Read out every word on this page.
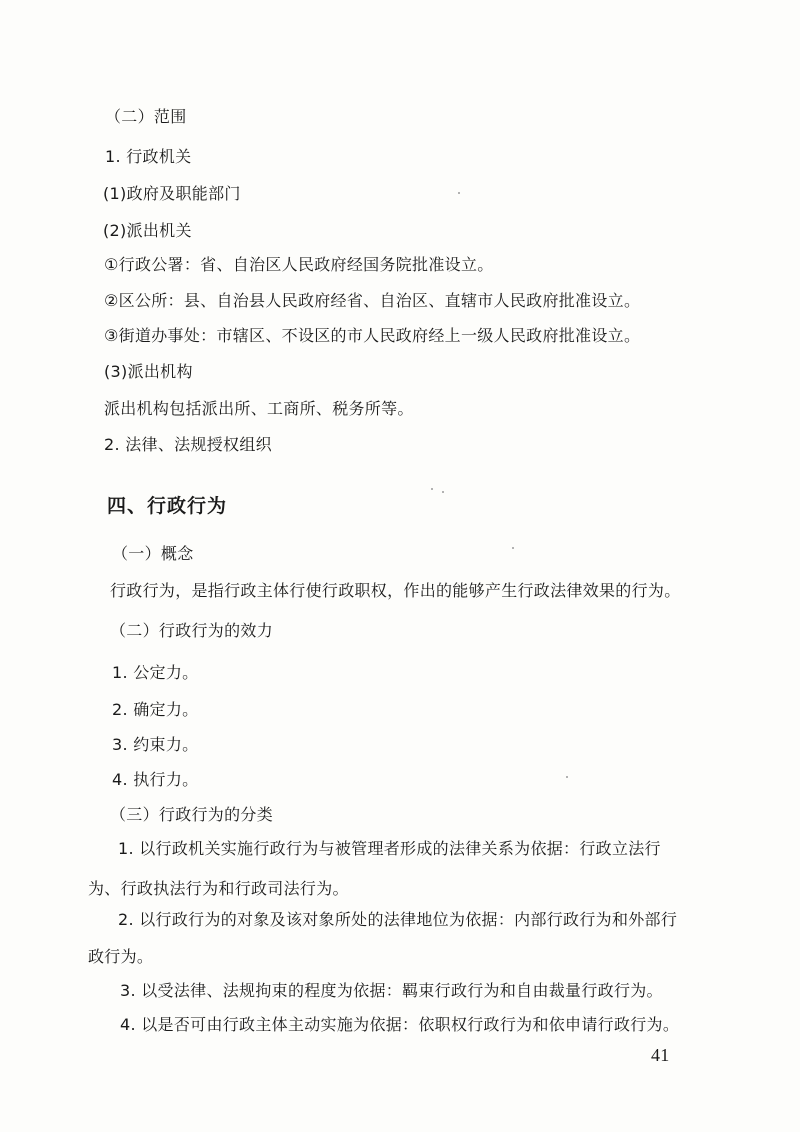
（二）范围
1. 行政机关
(1)政府及职能部门
(2)派出机关
①行政公署：省、自治区人民政府经国务院批准设立。
②区公所：县、自治县人民政府经省、自治区、直辖市人民政府批准设立。
③街道办事处：市辖区、不设区的市人民政府经上一级人民政府批准设立。
(3)派出机构
派出机构包括派出所、工商所、税务所等。
2. 法律、法规授权组织
四、行政行为
（一）概念
行政行为，是指行政主体行使行政职权，作出的能够产生行政法律效果的行为。
（二）行政行为的效力
1. 公定力。
2. 确定力。
3. 约束力。
4. 执行力。
（三）行政行为的分类
1. 以行政机关实施行政行为与被管理者形成的法律关系为依据：行政立法行
为、行政执法行为和行政司法行为。
2. 以行政行为的对象及该对象所处的法律地位为依据：内部行政行为和外部行
政行为。
3. 以受法律、法规拘束的程度为依据：羁束行政行为和自由裁量行政行为。
4. 以是否可由行政主体主动实施为依据：依职权行政行为和依申请行政行为。
41
